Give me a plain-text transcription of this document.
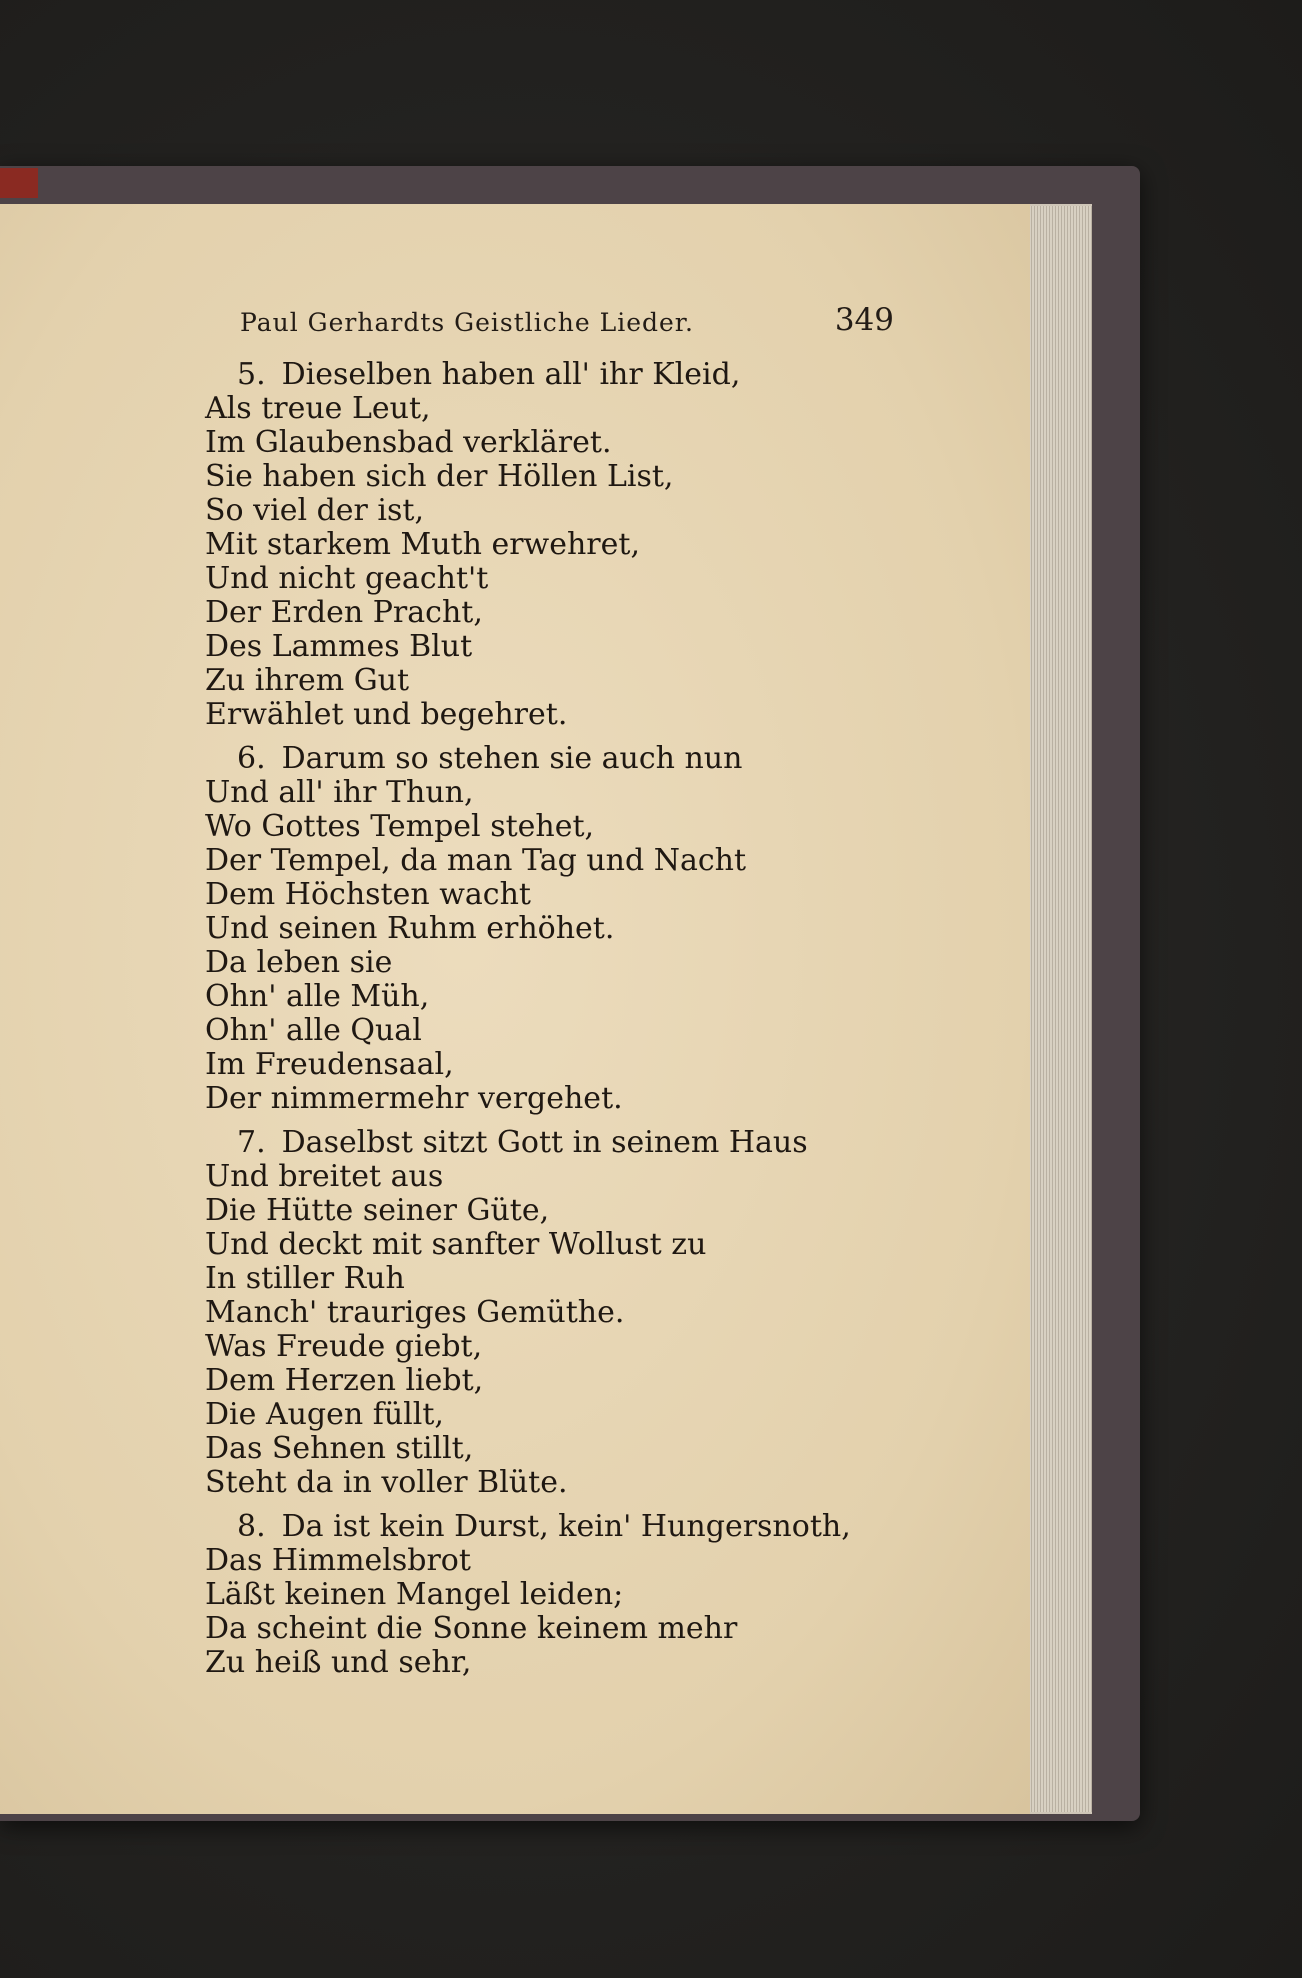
Paul Gerhardts Geistliche Lieder.	349
5. Dieselben haben all' ihr Kleid,
Als treue Leut,
Im Glaubensbad verkläret.
Sie haben sich der Höllen List,
So viel der ist,
Mit starkem Muth erwehret,
Und nicht geacht't
Der Erden Pracht,
Des Lammes Blut
Zu ihrem Gut
Erwählet und begehret.
6. Darum so stehen sie auch nun
Und all' ihr Thun,
Wo Gottes Tempel stehet,
Der Tempel, da man Tag und Nacht
Dem Höchsten wacht
Und seinen Ruhm erhöhet.
Da leben sie
Ohn' alle Müh,
Ohn' alle Qual
Im Freudensaal,
Der nimmermehr vergehet.
7. Daselbst sitzt Gott in seinem Haus
Und breitet aus
Die Hütte seiner Güte,
Und deckt mit sanfter Wollust zu
In stiller Ruh
Manch' trauriges Gemüthe.
Was Freude giebt,
Dem Herzen liebt,
Die Augen füllt,
Das Sehnen stillt,
Steht da in voller Blüte.
8. Da ist kein Durst, kein' Hungersnoth,
Das Himmelsbrot
Läßt keinen Mangel leiden;
Da scheint die Sonne keinem mehr
Zu heiß und sehr,
